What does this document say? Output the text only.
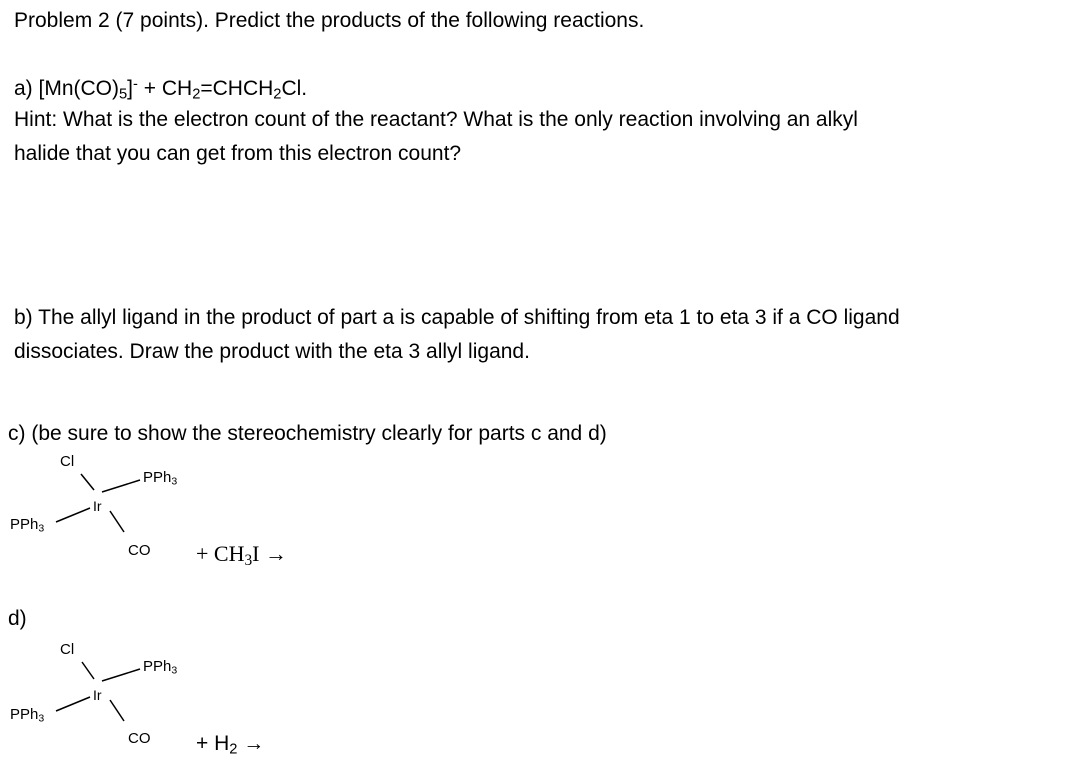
Problem 2 (7 points). Predict the products of the following reactions.
a) $[Mn(CO)_5]^-$ + $CH_2=CHCH_2Cl$.
Hint: What is the electron count of the reactant? What is the only reaction involving an alkyl
halide that you can get from this electron count?
b) The allyl ligand in the product of part a is capable of shifting from eta 1 to eta 3 if a CO ligand
dissociates. Draw the product with the eta 3 allyl ligand.
c) (be sure to show the stereochemistry clearly for parts c and d)
Cl
Ir
PPh$_3$
PPh$_3$
CO + $CH_3I$ →
d)
Cl
Ir
PPh$_3$
PPh$_3$
CO + $H_2$ →
